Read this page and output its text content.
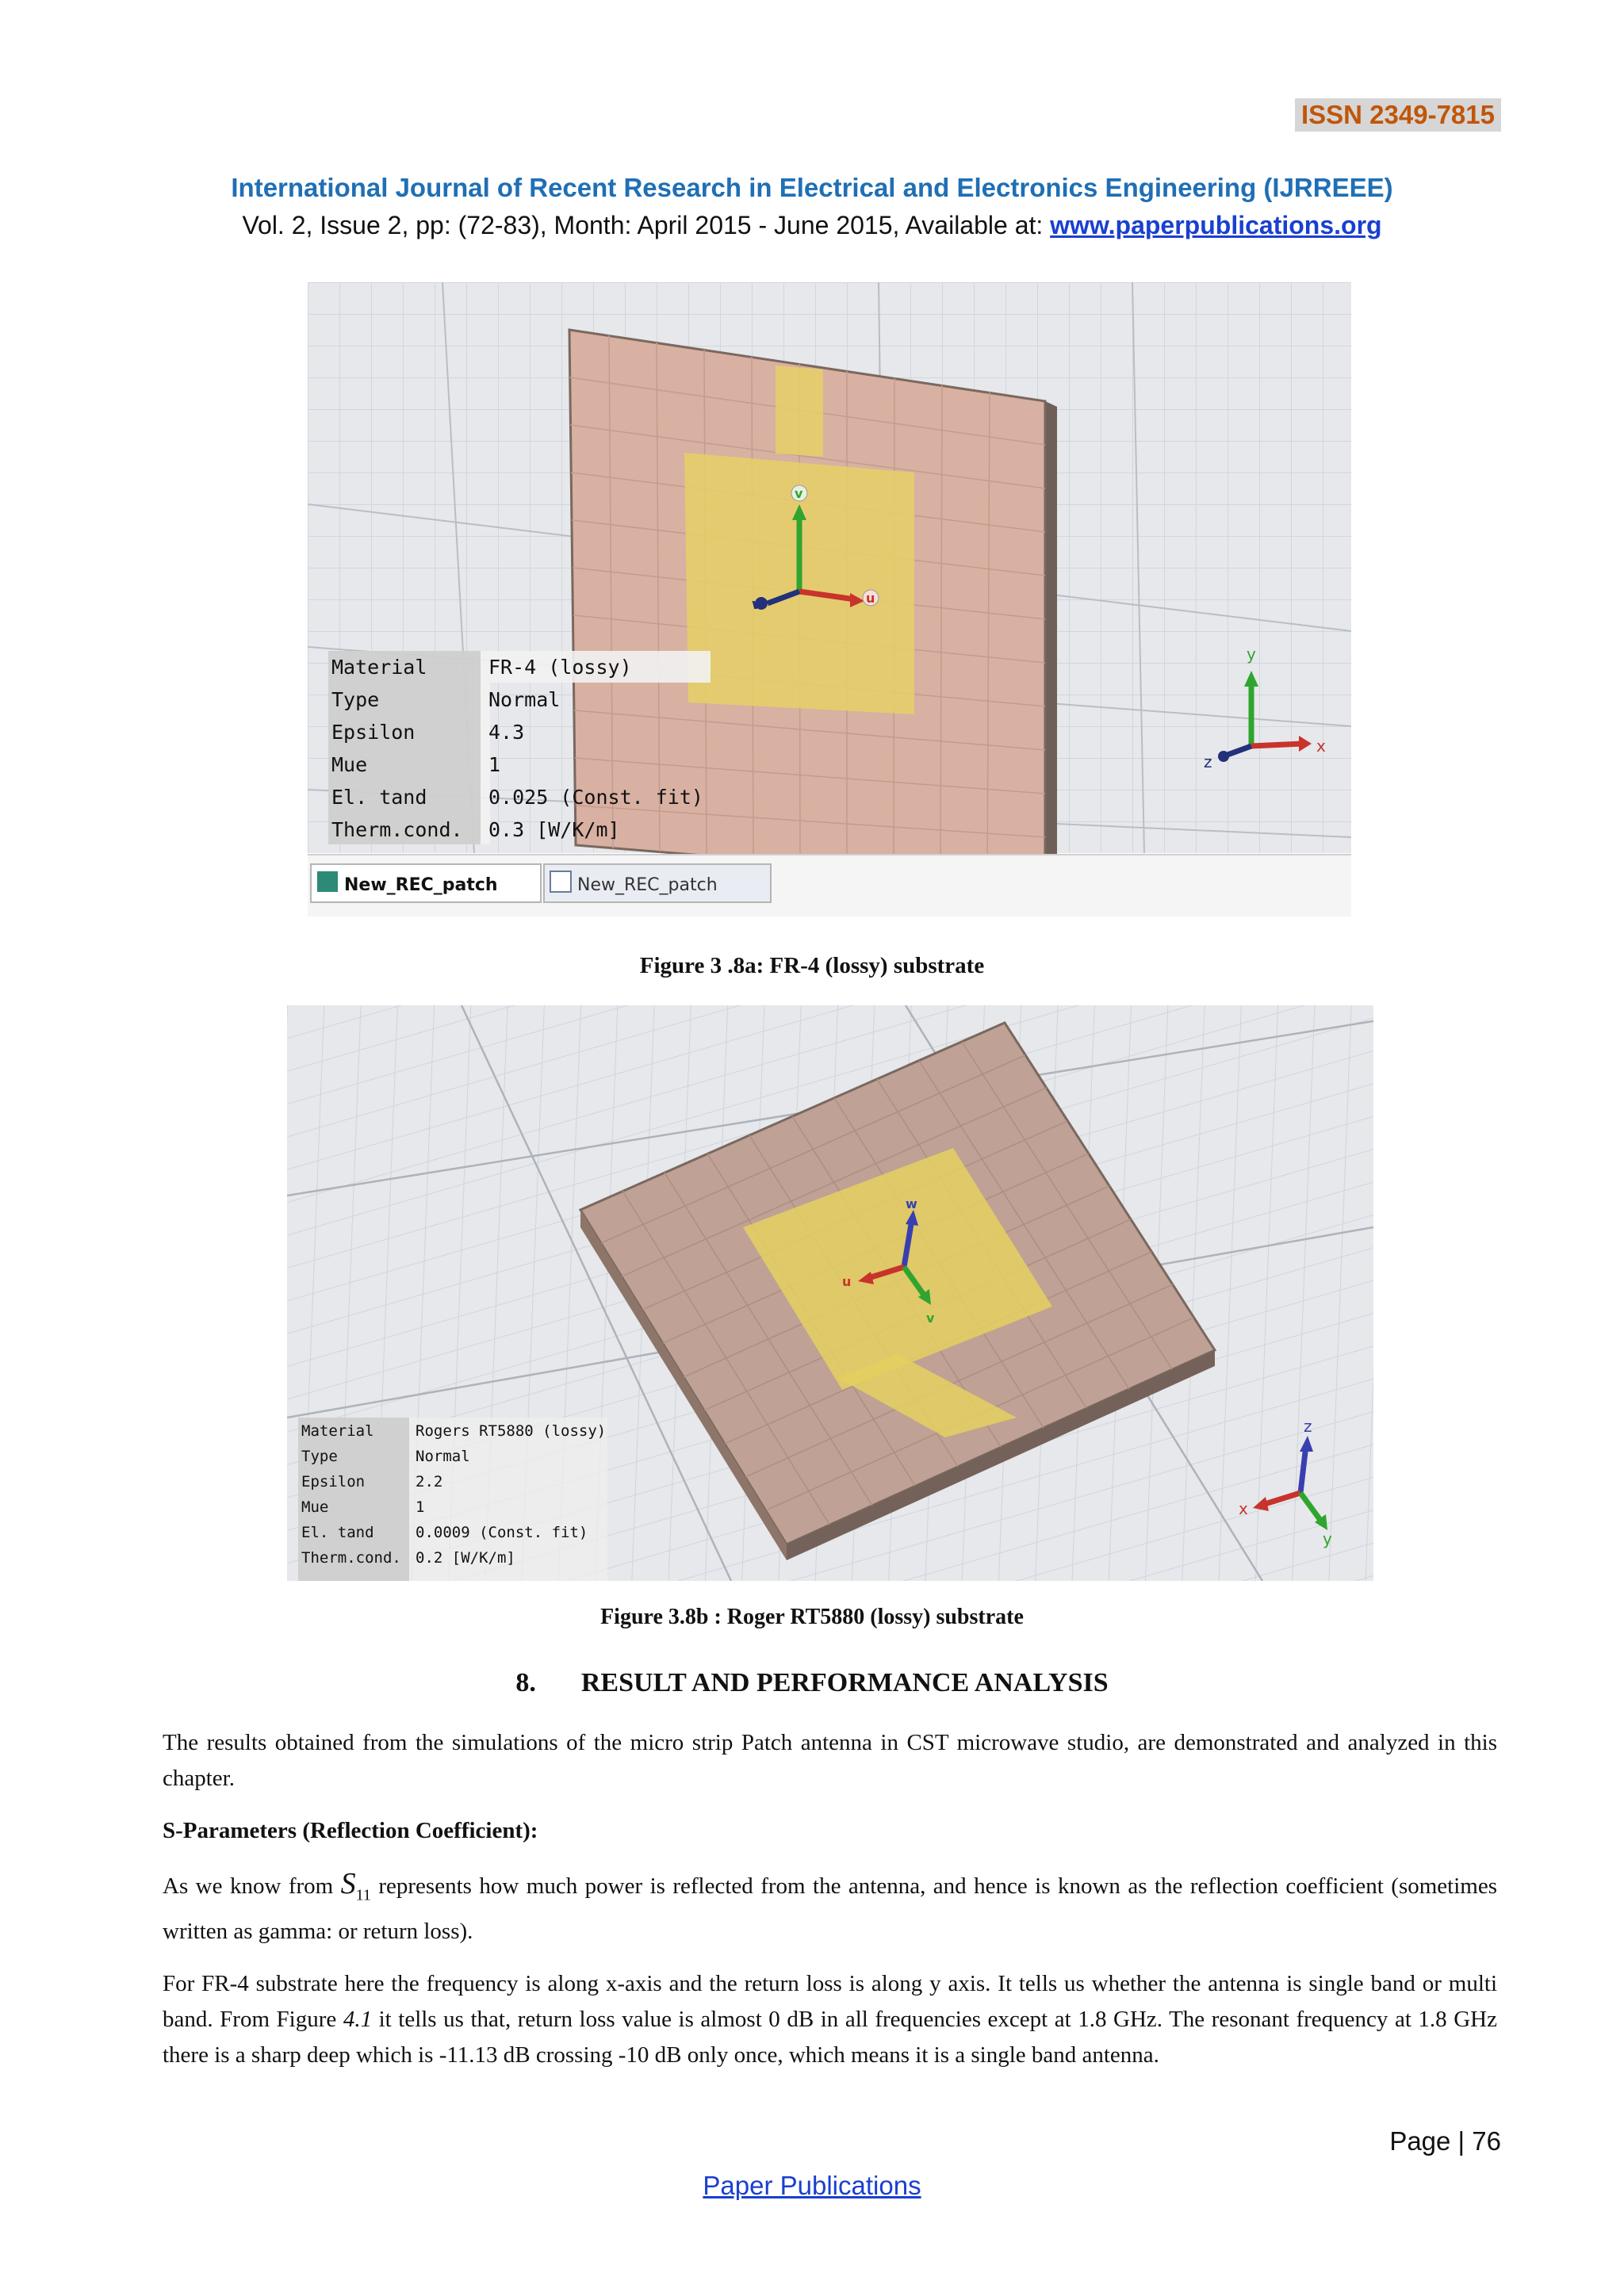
ISSN 2349-7815
International Journal of Recent Research in Electrical and Electronics Engineering (IJRREEE)
Vol. 2, Issue 2, pp: (72-83), Month: April 2015 - June 2015, Available at: www.paperpublications.org
v
u
w
y
x
z
Material	FR-4 (lossy)
Type	Normal
Epsilon	4.3
Mue	1
El. tand	0.025 (Const. fit)
Therm.cond. 0.3 [W/K/m]
New_REC_patch	New_REC_patch
Figure 3 .8a: FR-4 (lossy) substrate
w
u
v
z
x
y
Material	Rogers RT5880 (lossy)
Type	Normal
Epsilon	2.2
Mue	1
El. tand	0.0009 (Const. fit)
Therm.cond. 0.2 [W/K/m]
Figure 3.8b : Roger RT5880 (lossy) substrate
8. RESULT AND PERFORMANCE ANALYSIS
The results obtained from the simulations of the micro strip Patch antenna in CST microwave studio, are demonstrated and analyzed in this chapter.
S-Parameters (Reflection Coefficient):
As we know from $S_{11}$ represents how much power is reflected from the antenna, and hence is known as the reflection coefficient (sometimes written as gamma: or return loss).
For FR-4 substrate here the frequency is along x-axis and the return loss is along y axis. It tells us whether the antenna is single band or multi band. From Figure 4.1 it tells us that, return loss value is almost 0 dB in all frequencies except at 1.8 GHz. The resonant frequency at 1.8 GHz there is a sharp deep which is -11.13 dB crossing -10 dB only once, which means it is a single band antenna.
Page | 76
Paper Publications
